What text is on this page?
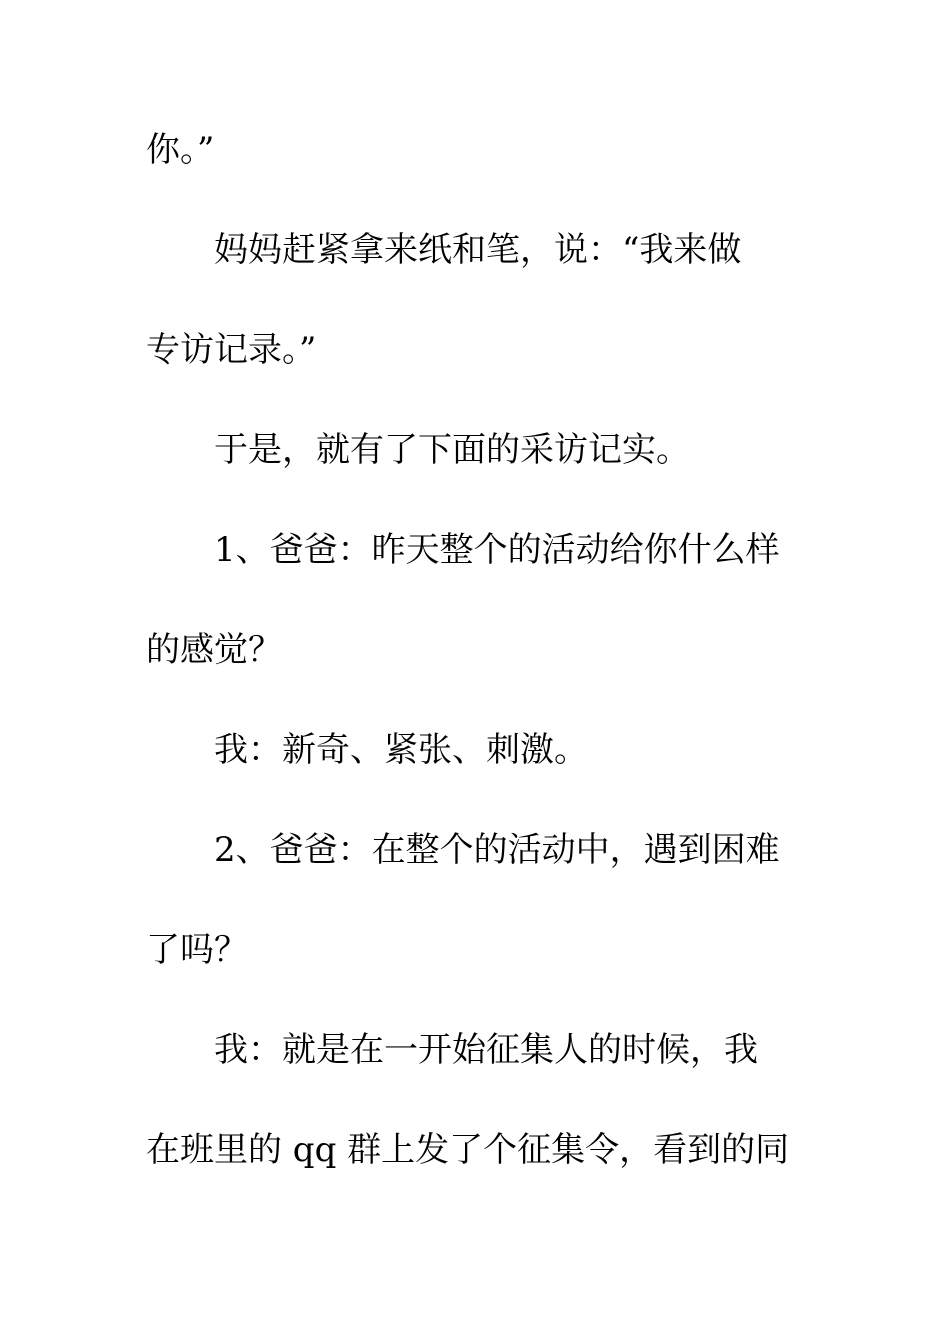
你。”
妈妈赶紧拿来纸和笔，说：“我来做
专访记录。”
于是，就有了下面的采访记实。
1、爸爸：昨天整个的活动给你什么样
的感觉？
我：新奇、紧张、刺激。
2、爸爸：在整个的活动中，遇到困难
了吗？
我：就是在一开始征集人的时候，我
在班里的 qq 群上发了个征集令，看到的同
